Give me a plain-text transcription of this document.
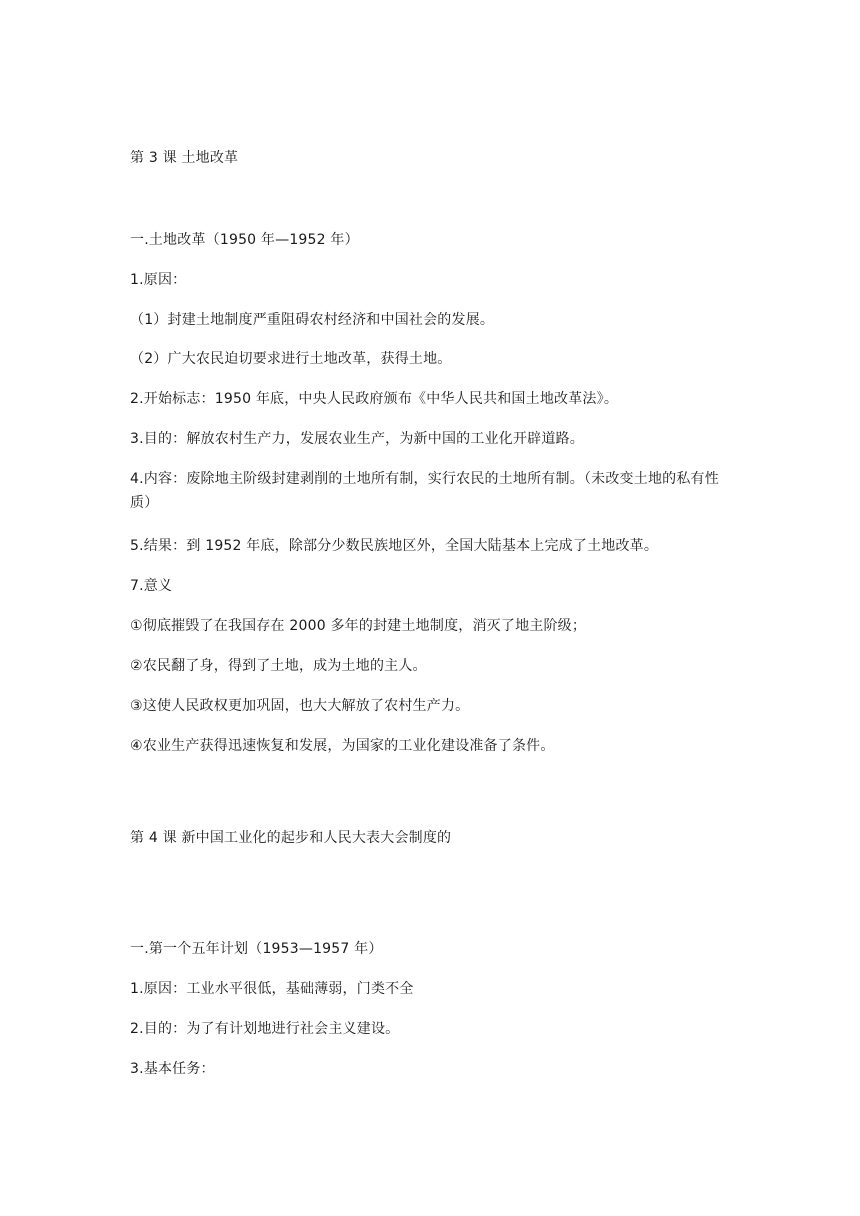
第 3 课 土地改革
一.土地改革（1950 年—1952 年）
1.原因：
（1）封建土地制度严重阻碍农村经济和中国社会的发展。
（2）广大农民迫切要求进行土地改革，获得土地。
2.开始标志：1950 年底，中央人民政府颁布《中华人民共和国土地改革法》。
3.目的：解放农村生产力，发展农业生产，为新中国的工业化开辟道路。
4.内容：废除地主阶级封建剥削的土地所有制，实行农民的土地所有制。（未改变土地的私有性质）
5.结果：到 1952 年底，除部分少数民族地区外，全国大陆基本上完成了土地改革。
7.意义
①彻底摧毁了在我国存在 2000 多年的封建土地制度，消灭了地主阶级；
②农民翻了身，得到了土地，成为土地的主人。
③这使人民政权更加巩固，也大大解放了农村生产力。
④农业生产获得迅速恢复和发展，为国家的工业化建设准备了条件。
第 4 课 新中国工业化的起步和人民大表大会制度的
一.第一个五年计划（1953—1957 年）
1.原因：工业水平很低，基础薄弱，门类不全
2.目的：为了有计划地进行社会主义建设。
3.基本任务：
